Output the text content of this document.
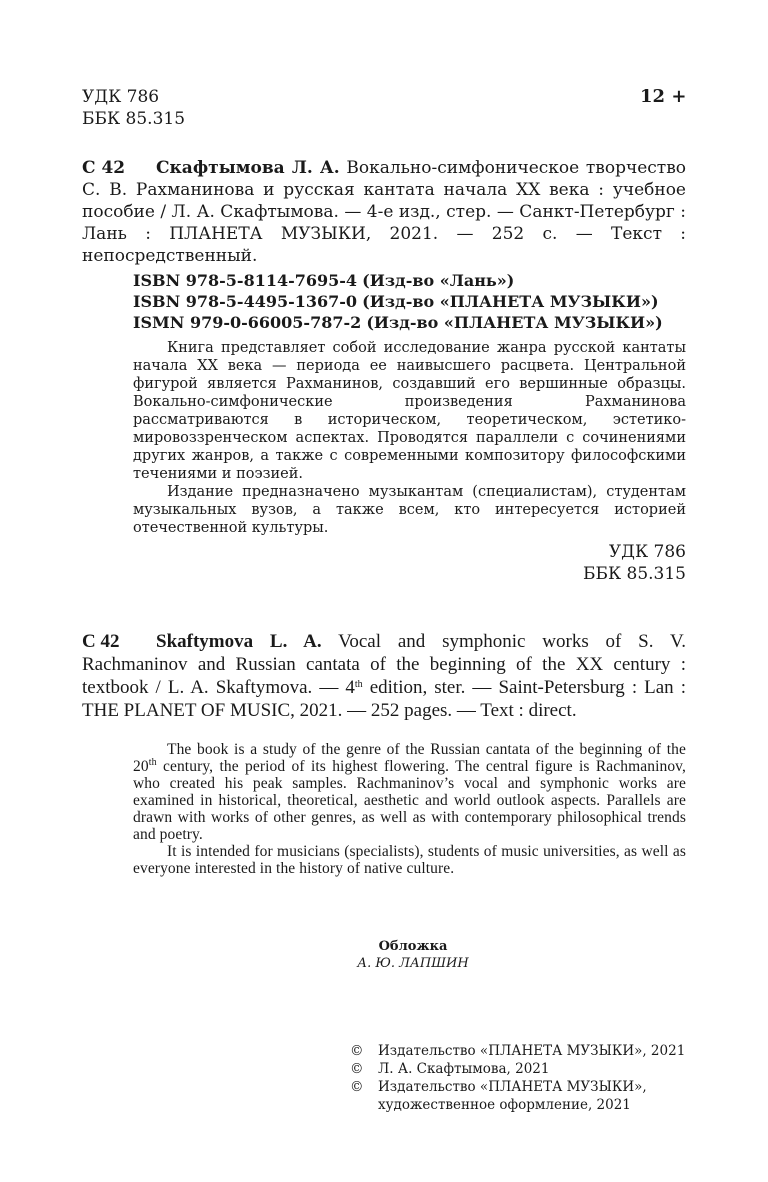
УДК 786
ББК 85.315
12 +
С 42	Скафтымова Л. А. Вокально-симфоническое творчество С. В. Рахманинова и русская кантата начала XX века : учебное пособие / Л. А. Скафтымова. — 4-е изд., стер. — Санкт-Петербург : Лань : ПЛАНЕТА МУЗЫКИ, 2021. — 252 с. — Текст : непосредственный.

ISBN 978-5-8114-7695-4 (Изд-во «Лань»)
ISBN 978-5-4495-1367-0 (Изд-во «ПЛАНЕТА МУЗЫКИ»)
ISMN 979-0-66005-787-2 (Изд-во «ПЛАНЕТА МУЗЫКИ»)

Книга представляет собой исследование жанра русской кантаты начала XX века — периода ее наивысшего расцвета. Центральной фигурой является Рахманинов, создавший его вершинные образцы. Вокально-симфонические произведения Рахманинова рассматриваются в историческом, теоретическом, эстетико-мировоззренческом аспектах. Проводятся параллели с сочинениями других жанров, а также с современными композитору философскими течениями и поэзией.

Издание предназначено музыкантам (специалистам), студентам музыкальных вузов, а также всем, кто интересуется историей отечественной культуры.

УДК 786
ББК 85.315
С 42	Skaftymova L. A. Vocal and symphonic works of S. V. Rachmaninov and Russian cantata of the beginning of the XX century : textbook / L. A. Skaftymova. — 4th edition, ster. — Saint-Petersburg : Lan : THE PLANET OF MUSIC, 2021. — 252 pages. — Text : direct.

The book is a study of the genre of the Russian cantata of the beginning of the 20th century, the period of its highest flowering. The central figure is Rachmaninov, who created his peak samples. Rachmaninov’s vocal and symphonic works are examined in historical, theoretical, aesthetic and world outlook aspects. Parallels are drawn with works of other genres, as well as with contemporary philosophical trends and poetry.

It is intended for musicians (specialists), students of music universities, as well as everyone interested in the history of native culture.

Обложка
А. Ю. ЛАПШИН
© Издательство «ПЛАНЕТА МУЗЫКИ», 2021
© Л. А. Скафтымова, 2021
© Издательство «ПЛАНЕТА МУЗЫКИ»,
художественное оформление, 2021
